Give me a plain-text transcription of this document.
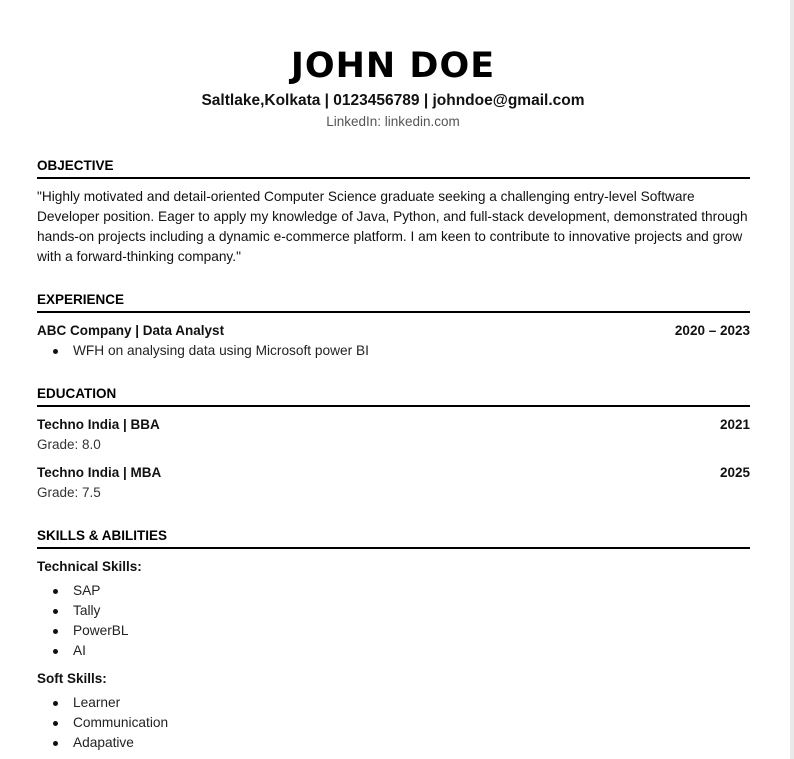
JOHN DOE
Saltlake,Kolkata | 0123456789 | johndoe@gmail.com
LinkedIn: linkedin.com
OBJECTIVE
"Highly motivated and detail-oriented Computer Science graduate seeking a challenging entry-level Software Developer position. Eager to apply my knowledge of Java, Python, and full-stack development, demonstrated through hands-on projects including a dynamic e-commerce platform. I am keen to contribute to innovative projects and grow with a forward-thinking company."
EXPERIENCE
ABC Company | Data Analyst	2020 – 2023
WFH on analysing data using Microsoft power BI
EDUCATION
Techno India | BBA	2021
Grade: 8.0
Techno India | MBA	2025
Grade: 7.5
SKILLS & ABILITIES
Technical Skills:
SAP
Tally
PowerBL
AI
Soft Skills:
Learner
Communication
Adapative
